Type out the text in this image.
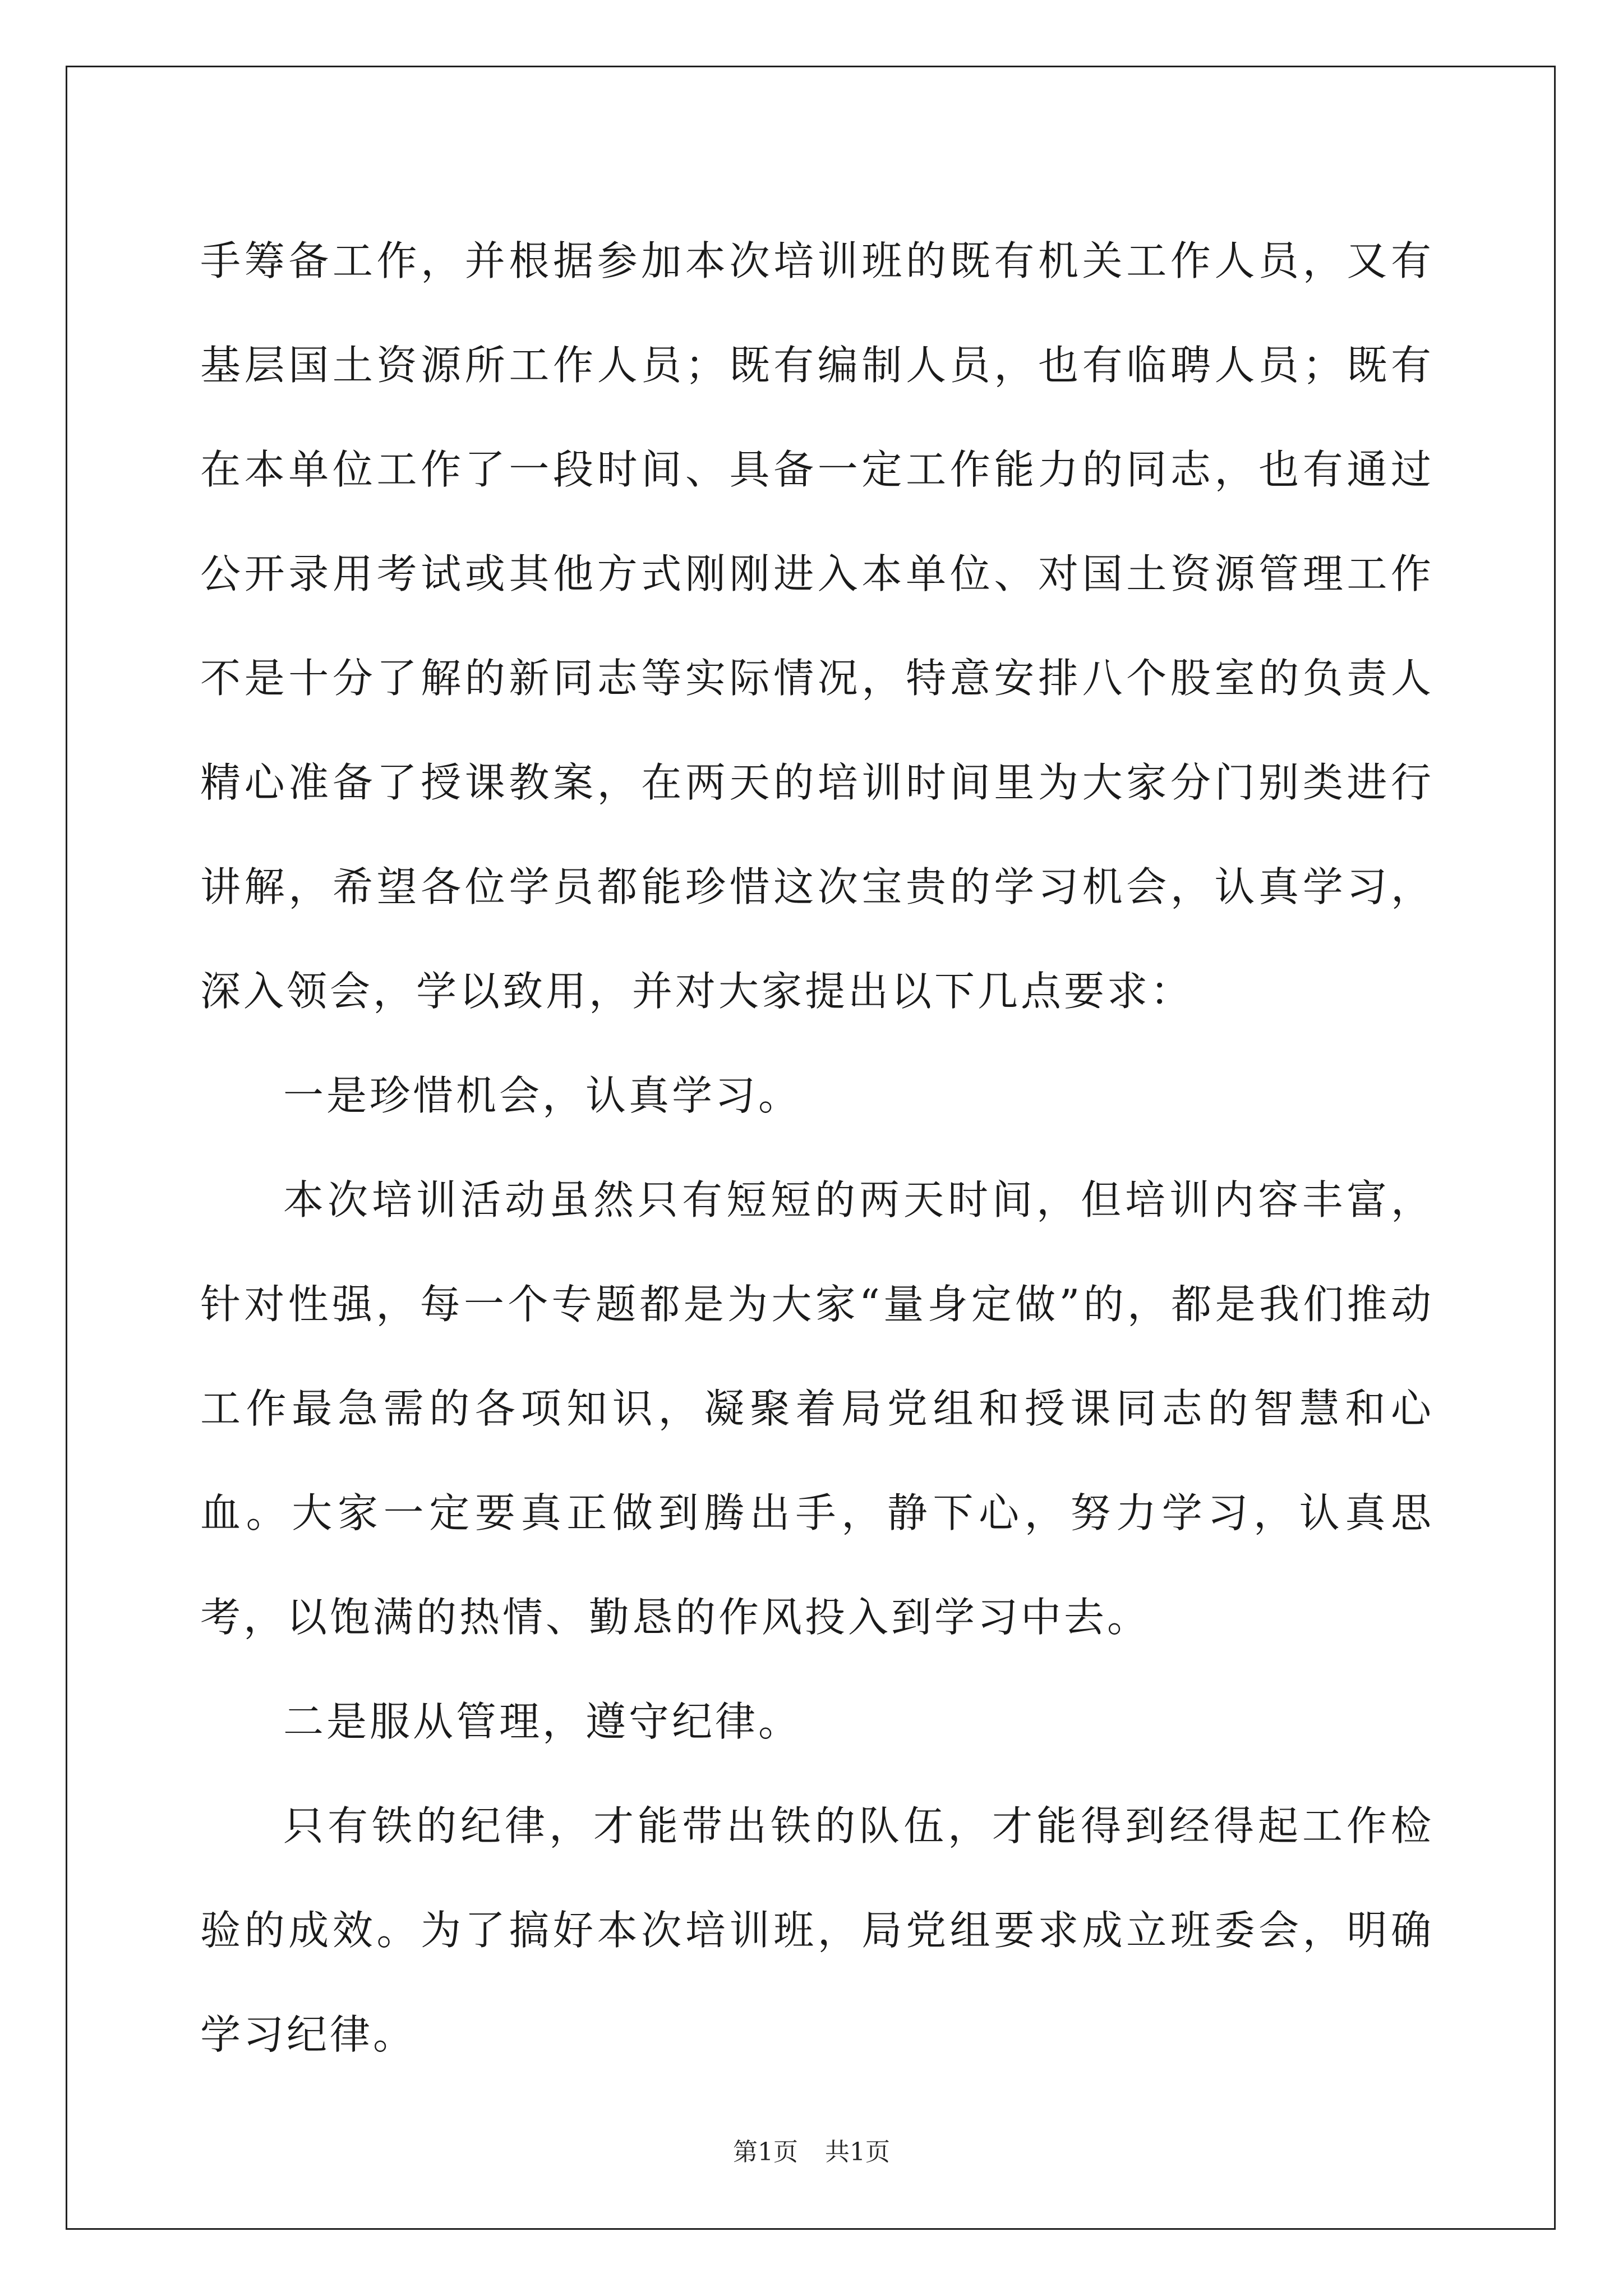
手筹备工作，并根据参加本次培训班的既有机关工作人员，又有基层国土资源所工作人员；既有编制人员，也有临聘人员；既有在本单位工作了一段时间、具备一定工作能力的同志，也有通过公开录用考试或其他方式刚刚进入本单位、对国土资源管理工作不是十分了解的新同志等实际情况，特意安排八个股室的负责人精心准备了授课教案，在两天的培训时间里为大家分门别类进行讲解，希望各位学员都能珍惜这次宝贵的学习机会，认真学习，深入领会，学以致用，并对大家提出以下几点要求：

一是珍惜机会，认真学习。

本次培训活动虽然只有短短的两天时间，但培训内容丰富，针对性强，每一个专题都是为大家“量身定做”的，都是我们推动工作最急需的各项知识，凝聚着局党组和授课同志的智慧和心血。大家一定要真正做到腾出手，静下心，努力学习，认真思考，以饱满的热情、勤恳的作风投入到学习中去。

二是服从管理，遵守纪律。

只有铁的纪律，才能带出铁的队伍，才能得到经得起工作检验的成效。为了搞好本次培训班，局党组要求成立班委会，明确学习纪律。

第1页 共1页
